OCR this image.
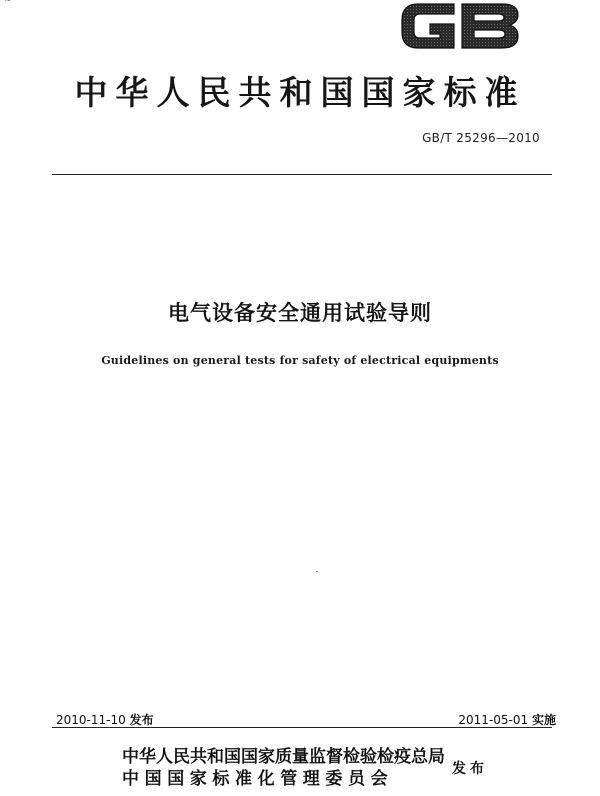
~
中华人民共和国国家标准
GB/T 25296—2010
电气设备安全通用试验导则
Guidelines on general tests for safety of electrical equipments
2010-11-10 发布	2011-05-01 实施
中华人民共和国国家质量监督检验检疫总局
中国国家标准化管理委员会	发布
